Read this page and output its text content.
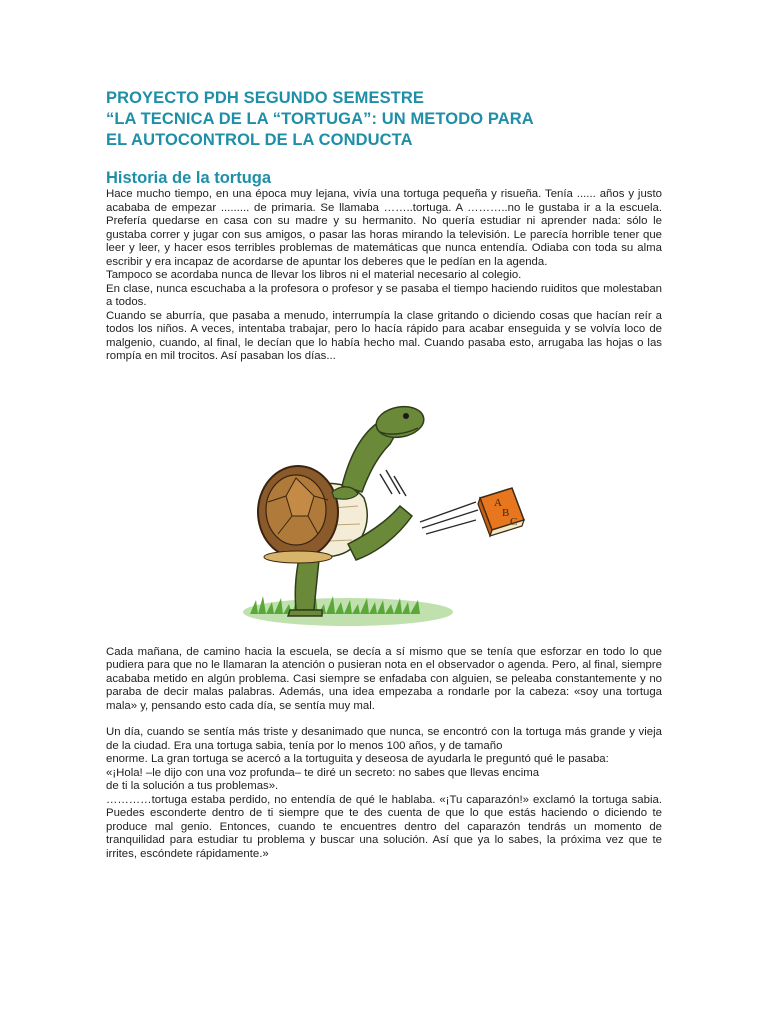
PROYECTO PDH SEGUNDO SEMESTRE
“LA TECNICA DE LA “TORTUGA”: UN METODO PARA
EL AUTOCONTROL DE LA CONDUCTA
Historia de la tortuga

Hace mucho tiempo, en una época muy lejana, vivía una tortuga pequeña y risueña. Tenía ...... años y justo acababa de empezar ......... de primaria. Se llamaba ……..tortuga. A ………..no le gustaba ir a la escuela. Prefería quedarse en casa con su madre y su hermanito. No quería estudiar ni aprender nada: sólo le gustaba correr y jugar con sus amigos, o pasar las horas mirando la televisión. Le parecía horrible tener que leer y leer, y hacer esos terribles problemas de matemáticas que nunca entendía. Odiaba con toda su alma escribir y era incapaz de acordarse de apuntar los deberes que le pedían en la agenda.

Tampoco se acordaba nunca de llevar los libros ni el material necesario al colegio.

En clase, nunca escuchaba a la profesora o profesor y se pasaba el tiempo haciendo ruiditos que molestaban a todos.

Cuando se aburría, que pasaba a menudo, interrumpía la clase gritando o diciendo cosas que hacían reír a todos los niños. A veces, intentaba trabajar, pero lo hacía rápido para acabar enseguida y se volvía loco de malgenio, cuando, al final, le decían que lo había hecho mal. Cuando pasaba esto, arrugaba las hojas o las rompía en mil trocitos. Así pasaban los días...

A
B
C

Cada mañana, de camino hacia la escuela, se decía a sí mismo que se tenía que esforzar en todo lo que pudiera para que no le llamaran la atención o pusieran nota en el observador o agenda. Pero, al final, siempre acababa metido en algún problema. Casi siempre se enfadaba con alguien, se peleaba constantemente y no paraba de decir malas palabras. Además, una idea empezaba a rondarle por la cabeza: «soy una tortuga mala» y, pensando esto cada día, se sentía muy mal.

Un día, cuando se sentía más triste y desanimado que nunca, se encontró con la tortuga más grande y vieja de la ciudad. Era una tortuga sabia, tenía por lo menos 100 años, y de tamaño

enorme. La gran tortuga se acercó a la tortuguita y deseosa de ayudarla le preguntó qué le pasaba:

«¡Hola! –le dijo con una voz profunda– te diré un secreto: no sabes que llevas encima

de ti la solución a tus problemas».

…………tortuga estaba perdido, no entendía de qué le hablaba. «¡Tu caparazón!» exclamó la tortuga sabia. Puedes esconderte dentro de ti siempre que te des cuenta de que lo que estás haciendo o diciendo te produce mal genio. Entonces, cuando te encuentres dentro del caparazón tendrás un momento de tranquilidad para estudiar tu problema y buscar una solución. Así que ya lo sabes, la próxima vez que te irrites, escóndete rápidamente.»
